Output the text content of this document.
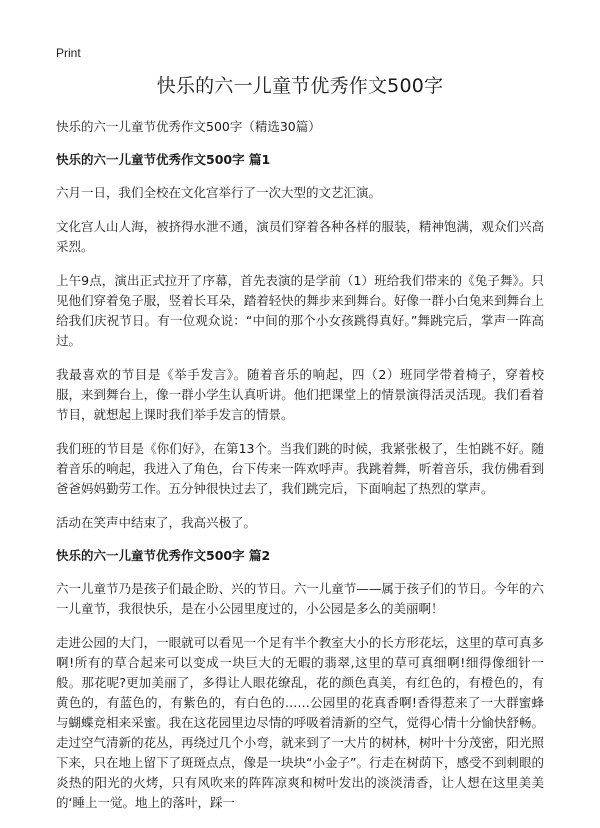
Print
快乐的六一儿童节优秀作文500字
快乐的六一儿童节优秀作文500字（精选30篇）
快乐的六一儿童节优秀作文500字 篇1

六月一日，我们全校在文化宫举行了一次大型的文艺汇演。

文化宫人山人海，被挤得水泄不通，演员们穿着各种各样的服装，精神饱满，观众们兴高采烈。

上午9点，演出正式拉开了序幕，首先表演的是学前（1）班给我们带来的《兔子舞》。只见他们穿着兔子服，竖着长耳朵，踏着轻快的舞步来到舞台。好像一群小白兔来到舞台上给我们庆祝节日。有一位观众说：“中间的那个小女孩跳得真好。”舞跳完后，掌声一阵高过。

我最喜欢的节目是《举手发言》。随着音乐的响起，四（2）班同学带着椅子，穿着校服，来到舞台上，像一群小学生认真听讲。他们把课堂上的情景演得活灵活现。我们看着节目，就想起上课时我们举手发言的情景。

我们班的节目是《你们好》，在第13个。当我们跳的时候，我紧张极了，生怕跳不好。随着音乐的响起，我进入了角色，台下传来一阵欢呼声。我跳着舞，听着音乐，我仿佛看到爸爸妈妈勤劳工作。五分钟很快过去了，我们跳完后，下面响起了热烈的掌声。

活动在笑声中结束了，我高兴极了。

快乐的六一儿童节优秀作文500字 篇2

六一儿童节乃是孩子们最企盼、兴的节日。六一儿童节——属于孩子们的节日。今年的六一儿童节，我很快乐，是在小公园里度过的，小公园是多么的美丽啊！

走进公园的大门，一眼就可以看见一个足有半个教室大小的长方形花坛，这里的草可真多啊!所有的草合起来可以变成一块巨大的无暇的翡翠,这里的草可真细啊!细得像细针一般。那花呢?更加美丽了，多得让人眼花缭乱，花的颜色真美，有红色的，有橙色的，有黄色的，有蓝色的，有紫色的，有白色的……公园里的花真香啊!香得惹来了一大群蜜蜂与蝴蝶竞相来采蜜。我在这花园里边尽情的呼吸着清新的空气，觉得心情十分愉快舒畅。走过空气清新的花丛，再绕过几个小弯，就来到了一大片的树林，树叶十分茂密，阳光照下来，只在地上留下了斑斑点点，像是一块块“小金子”。行走在树荫下，感受不到刺眼的炎热的阳光的火烤，只有风吹来的阵阵凉爽和树叶发出的淡淡清香，让人想在这里美美的‘睡上一觉。地上的落叶，踩一
